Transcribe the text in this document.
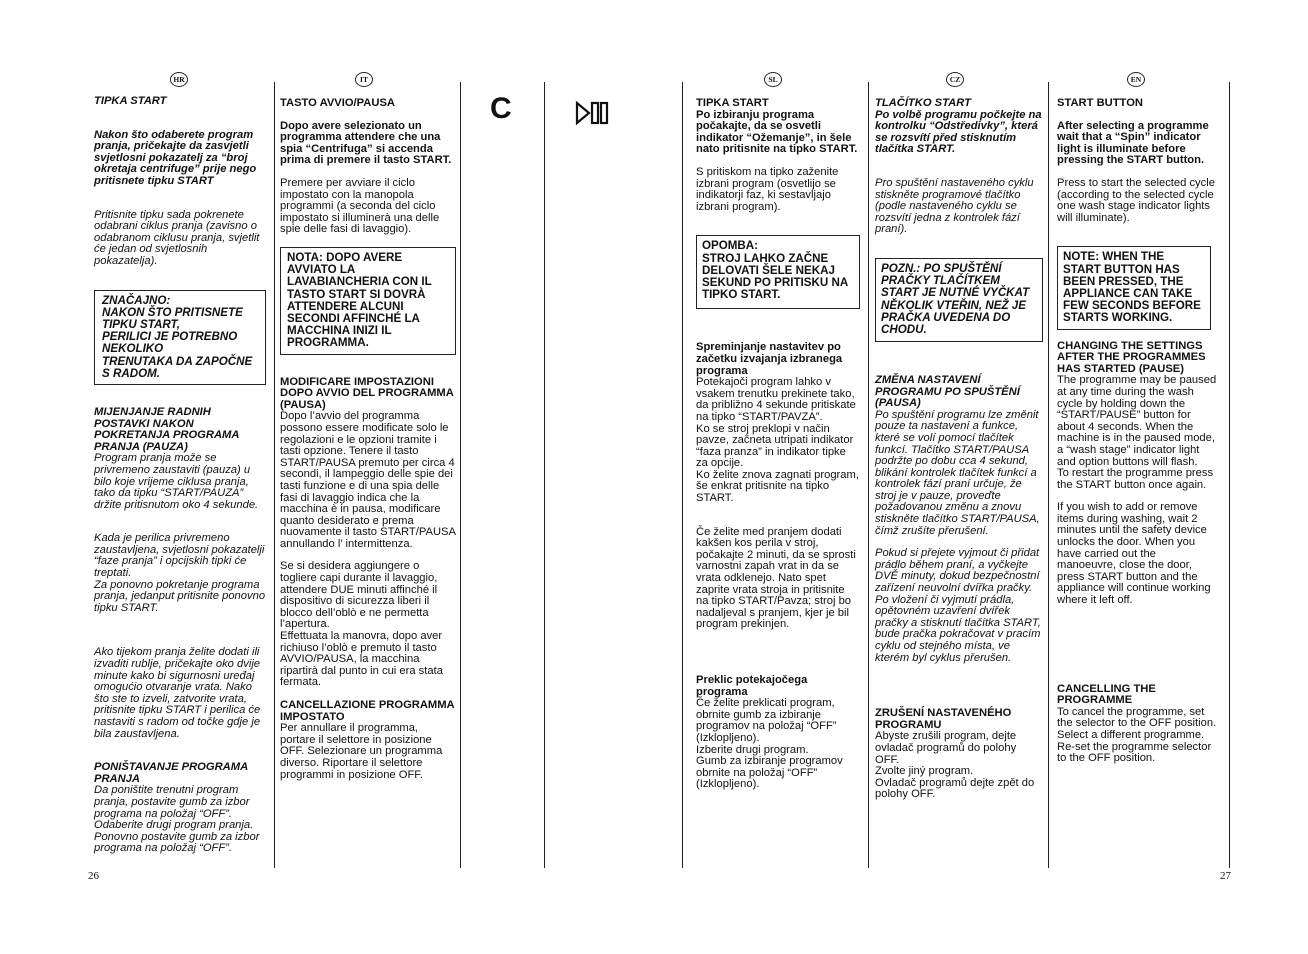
HR	IT	SL	CZ	EN
C

TIPKA START

Nakon što odaberete program pranja, pričekajte da zasvjetli svjetlosni pokazatelj za “broj okretaja centrifuge” prije nego pritisnete tipku START

Pritisnite tipku sada pokrenete odabrani ciklus pranja (zavisno o odabranom ciklusu pranja, svjetlit će jedan od svjetlosnih pokazatelja).

ZNAČAJNO:
NAKON ŠTO PRITISNETE TIPKU START,
PERILICI JE POTREBNO NEKOLIKO
TRENUTAKA DA ZAPOČNE S RADOM.

MIJENJANJE RADNIH POSTAVKI NAKON POKRETANJA PROGRAMA PRANJA (PAUZA)

Program pranja može se privremeno zaustaviti (pauza) u bilo koje vrijeme ciklusa pranja, tako da tipku “START/PAUZA” držite pritisnutom oko 4 sekunde.

Kada je perilica privremeno zaustavljena, svjetlosni pokazatelji “faze pranja” i opcijskih tipki će treptati.
Za ponovno pokretanje programa pranja, jedanput pritisnite ponovno tipku START.

Ako tijekom pranja želite dodati ili izvaditi rublje, pričekajte oko dvije minute kako bi sigurnosni uređaj omogućio otvaranje vrata. Nako što ste to izveli, zatvorite vrata, pritisnite tipku START i perilica će nastaviti s radom od točke gdje je bila zaustavljena.

PONIŠTAVANJE PROGRAMA PRANJA

Da poništite trenutni program pranja, postavite gumb za izbor programa na položaj “OFF”.
Odaberite drugi program pranja.
Ponovno postavite gumb za izbor programa na položaj “OFF”.

TASTO AVVIO/PAUSA

Dopo avere selezionato un programma attendere che una spia “Centrifuga” si accenda prima di premere il tasto START.

Premere per avviare il ciclo impostato con la manopola programmi (a seconda del ciclo impostato si illuminerà una delle spie delle fasi di lavaggio).

NOTA: DOPO AVERE AVVIATO LA LAVABIANCHERIA CON IL TASTO START SI DOVRÀ ATTENDERE ALCUNI SECONDI AFFINCHÉ LA MACCHINA INIZI IL PROGRAMMA.

MODIFICARE IMPOSTAZIONI DOPO AVVIO DEL PROGRAMMA (PAUSA)

Dopo l’avvio del programma possono essere modificate solo le regolazioni e le opzioni tramite i tasti opzione. Tenere il tasto START/PAUSA premuto per circa 4 secondi, il lampeggio delle spie dei tasti funzione e di una spia delle fasi di lavaggio indica che la macchina è in pausa, modificare quanto desiderato e prema nuovamente il tasto START/PAUSA annullando l’ intermittenza.

Se si desidera aggiungere o togliere capi durante il lavaggio, attendere DUE minuti affinché il dispositivo di sicurezza liberi il blocco dell’oblò e ne permetta l’apertura.
Effettuata la manovra, dopo aver richiuso l’oblò e premuto il tasto AVVIO/PAUSA, la macchina ripartirà dal punto in cui era stata fermata.

CANCELLAZIONE PROGRAMMA IMPOSTATO

Per annullare il programma, portare il selettore in posizione OFF. Selezionare un programma diverso. Riportare il selettore programmi in posizione OFF.

TIPKA START

Po izbiranju programa počakajte, da se osvetli indikator “Ožemanje”, in šele nato pritisnite na tipko START.

S pritiskom na tipko zaženite izbrani program (osvetlijo se indikatorji faz, ki sestavljajo izbrani program).

OPOMBA:
STROJ LAHKO ZAČNE DELOVATI ŠELE NEKAJ SEKUND PO PRITISKU NA TIPKO START.

Spreminjanje nastavitev po začetku izvajanja izbranega programa

Potekajoči program lahko v vsakem trenutku prekinete tako, da približno 4 sekunde pritiskate na tipko “START/PAVZA”.
Ko se stroj preklopi v način pavze, začneta utripati indikator “faza pranza” in indikator tipke za opcije.
Ko želite znova zagnati program, še enkrat pritisnite na tipko START.

Če želite med pranjem dodati kakšen kos perila v stroj, počakajte 2 minuti, da se sprosti varnostni zapah vrat in da se vrata odklenejo. Nato spet zaprite vrata stroja in pritisnite na tipko START/Pavza; stroj bo nadaljeval s pranjem, kjer je bil program prekinjen.

Preklic potekajočega programa

Če želite preklicati program, obrnite gumb za izbiranje programov na položaj “OFF” (Izklopljeno).
Izberite drugi program.
Gumb za izbiranje programov obrnite na položaj “OFF” (Izklopljeno).

TLAČÍTKO START

Po volbě programu počkejte na kontrolku “Odstředivky”, která se rozsvítí před stisknutím tlačítka START.

Pro spuštění nastaveného cyklu stiskněte programové tlačítko (podle nastaveného cyklu se rozsvítí jedna z kontrolek fází praní).

POZN.: PO SPUŠTĚNÍ PRAČKY TLAČÍTKEM START JE NUTNÉ VYČKAT NĚKOLIK VTEŘIN, NEŽ JE PRAČKA UVEDENA DO CHODU.

ZMĚNA NASTAVENÍ PROGRAMU PO SPUŠTĚNÍ (PAUSA)

Po spuštění programu lze změnit pouze ta nastavení a funkce, které se volí pomocí tlačítek funkcí. Tlačítko START/PAUSA podržte po dobu cca 4 sekund, blikání kontrolek tlačítek funkcí a kontrolek fází praní určuje, že stroj je v pauze, proveďte požadovanou změnu a znovu stiskněte tlačítko START/PAUSA, čímž zrušíte přerušení.

Pokud si přejete vyjmout či přidat prádlo během praní, a vyčkejte DVĚ minuty, dokud bezpečnostní zařízení neuvolní dvířka pračky.
Po vložení či vyjmutí prádla, opětovném uzavření dvířek pračky a stisknutí tlačítka START, bude pračka pokračovat v pracím cyklu od stejného místa, ve kterém byl cyklus přerušen.

ZRUŠENÍ NASTAVENÉHO PROGRAMU

Abyste zrušili program, dejte ovladač programů do polohy OFF.
Zvolte jiný program.
Ovladač programů dejte zpět do polohy OFF.

START BUTTON

After selecting a programme wait that a “Spin” indicator light is illuminate before pressing the START button.

Press to start the selected cycle (according to the selected cycle one wash stage indicator lights will illuminate).

NOTE: WHEN THE START BUTTON HAS BEEN PRESSED, THE APPLIANCE CAN TAKE FEW SECONDS BEFORE STARTS WORKING.

CHANGING THE SETTINGS AFTER THE PROGRAMMES HAS STARTED (PAUSE)

The programme may be paused at any time during the wash cycle by holding down the “START/PAUSE” button for about 4 seconds. When the machine is in the paused mode, a “wash stage” indicator light and option buttons will flash.
To restart the programme press the START button once again.

If you wish to add or remove items during washing, wait 2 minutes until the safety device unlocks the door. When you have carried out the manoeuvre, close the door, press START button and the appliance will continue working where it left off.

CANCELLING THE PROGRAMME

To cancel the programme, set the selector to the OFF position.
Select a different programme.
Re-set the programme selector to the OFF position.

26	27
